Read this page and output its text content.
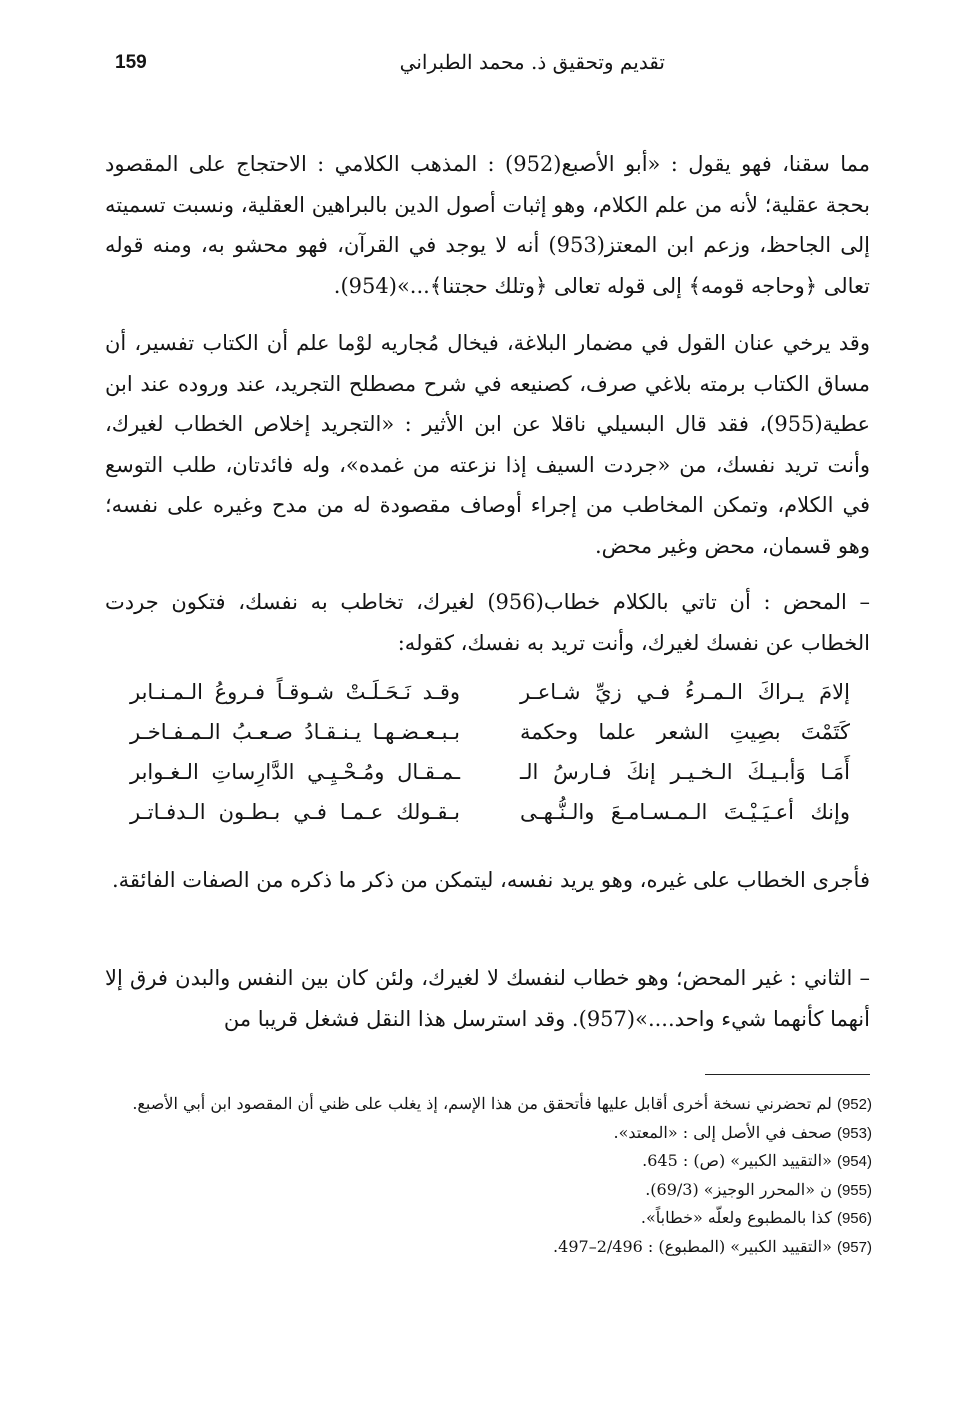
159	تقديم وتحقيق ذ. محمد الطبراني

مما سقنا، فهو يقول : «أبو الأصبع(952) : المذهب الكلامي : الاحتجاج على المقصود بحجة عقلية؛ لأنه من علم الكلام، وهو إثبات أصول الدين بالبراهين العقلية، ونسبت تسميته إلى الجاحظ، وزعم ابن المعتز(953) أنه لا يوجد في القرآن، فهو محشو به، ومنه قوله تعالى ﴿وحاجه قومه﴾ إلى قوله تعالى ﴿وتلك حجتنا﴾...»(954).

وقد يرخي عنان القول في مضمار البلاغة، فيخال مُجاريه لوْما علم أن الكتاب تفسير، أن مساق الكتاب برمته بلاغي صرف، كصنيعه في شرح مصطلح التجريد، عند وروده عند ابن عطية(955)، فقد قال البسيلي ناقلا عن ابن الأثير : «التجريد إخلاص الخطاب لغيرك، وأنت تريد نفسك، من «جردت السيف إذا نزعته من غمده»، وله فائدتان، طلب التوسع في الكلام، وتمكن المخاطب من إجراء أوصاف مقصودة له من مدح وغيره على نفسه؛ وهو قسمان، محض وغير محض.

– المحض : أن تاتي بالكلام خطاب(956) لغيرك، تخاطب به نفسك، فتكون جردت الخطاب عن نفسك لغيرك، وأنت تريد به نفسك، كقوله:

إلامَ يـراكَ الـمـرءُ فـي زيِّ شـاعـر
وقـد نَـحَـلَـتْ شـوقـاً فـروعُ الـمـنـابر
كَتَمْتَ بصِيتِ الشعر علما وحكمة
بـبـعـضـهـا يـنـقـادُ صـعـبُ الـمـفـاخـر
أَمَـا وَأبـيـكَ الـخـيـر إنكَ فـارسُ الـ
ـمـقـال ومُـحْـيِـي الدَّارِساتِ الـغـوابر
وإنك أعـيَـيْـتَ الـمـسـامـعَ والـنُّـهـى
بـقـولك عـمـا فـي بـطـون الـدفـاتـر

فأجرى الخطاب على غيره، وهو يريد نفسه، ليتمكن من ذكر ما ذكره من الصفات الفائقة.

– الثاني : غير المحض؛ وهو خطاب لنفسك لا لغيرك، ولئن كان بين النفس والبدن فرق إلا أنهما كأنهما شيء واحد....»(957). وقد استرسل هذا النقل فشغل قريبا من

(952) لم تحضرني نسخة أخرى أقابل عليها فأتحقق من هذا الإسم، إذ يغلب على ظني أن المقصود ابن أبي الأصبع.
(953) صحف في الأصل إلى : «المعتد».
(954) «التقييد الكبير» (ص) : 645.
(955) ن «المحرر الوجيز» (69/3).
(956) كذا بالمطبوع ولعلّه «خطاباً».
(957) «التقييد الكبير» (المطبوع) : 2/496–497.
